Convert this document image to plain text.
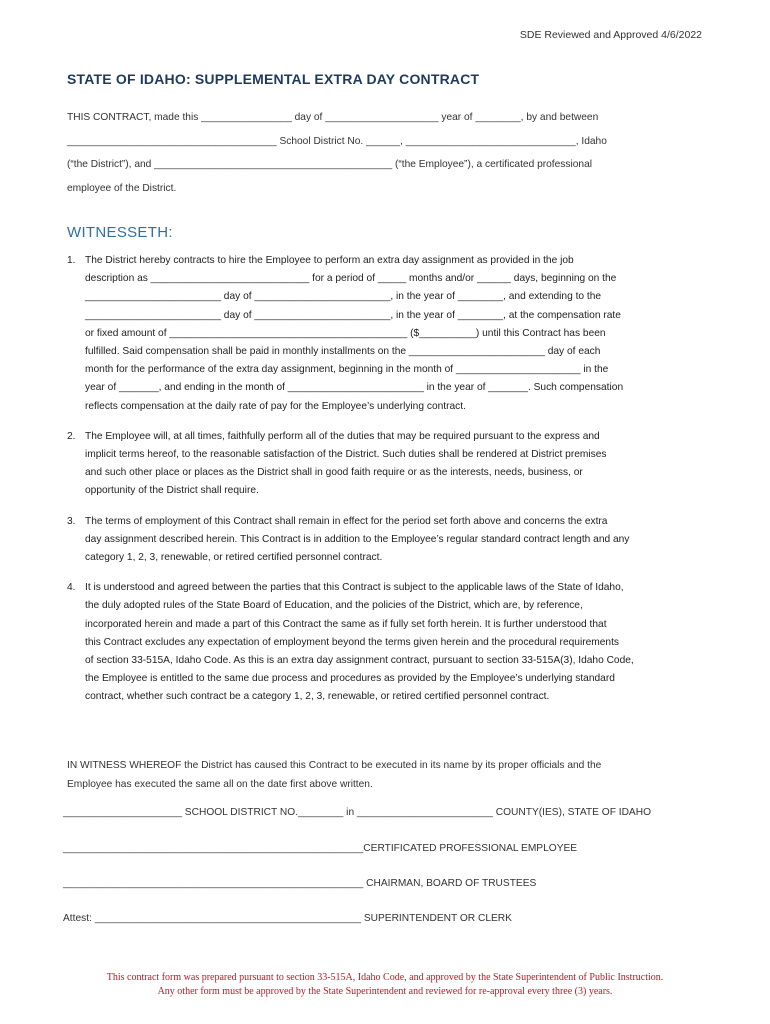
SDE Reviewed and Approved 4/6/2022
STATE OF IDAHO: SUPPLEMENTAL EXTRA DAY CONTRACT

THIS CONTRACT, made this ________________ day of ____________________ year of ________, by and between

_____________________________________ School District No. ______, ______________________________, Idaho

(“the District”), and __________________________________________ (“the Employee”), a certificated professional

employee of the District.

WITNESSETH:
1. The District hereby contracts to hire the Employee to perform an extra day assignment as provided in the job

description as ____________________________ for a period of _____ months and/or ______ days, beginning on the

________________________ day of ________________________, in the year of ________, and extending to the

________________________ day of ________________________, in the year of ________, at the compensation rate

or fixed amount of __________________________________________ ($__________) until this Contract has been

fulfilled. Said compensation shall be paid in monthly installments on the ________________________ day of each

month for the performance of the extra day assignment, beginning in the month of ______________________ in the

year of _______, and ending in the month of ________________________ in the year of _______. Such compensation

reflects compensation at the daily rate of pay for the Employee’s underlying contract.

2. The Employee will, at all times, faithfully perform all of the duties that may be required pursuant to the express and

implicit terms hereof, to the reasonable satisfaction of the District. Such duties shall be rendered at District premises

and such other place or places as the District shall in good faith require or as the interests, needs, business, or

opportunity of the District shall require.

3. The terms of employment of this Contract shall remain in effect for the period set forth above and concerns the extra

day assignment described herein. This Contract is in addition to the Employee’s regular standard contract length and any

category 1, 2, 3, renewable, or retired certified personnel contract.

4. It is understood and agreed between the parties that this Contract is subject to the applicable laws of the State of Idaho,

the duly adopted rules of the State Board of Education, and the policies of the District, which are, by reference,

incorporated herein and made a part of this Contract the same as if fully set forth herein. It is further understood that

this Contract excludes any expectation of employment beyond the terms given herein and the procedural requirements

of section 33-515A, Idaho Code. As this is an extra day assignment contract, pursuant to section 33-515A(3), Idaho Code,

the Employee is entitled to the same due process and procedures as provided by the Employee’s underlying standard

contract, whether such contract be a category 1, 2, 3, renewable, or retired certified personnel contract.

IN WITNESS WHEREOF the District has caused this Contract to be executed in its name by its proper officials and the

Employee has executed the same all on the date first above written.

_____________________ SCHOOL DISTRICT NO.________ in ________________________ COUNTY(IES), STATE OF IDAHO
_____________________________________________________CERTIFICATED PROFESSIONAL EMPLOYEE
_____________________________________________________ CHAIRMAN, BOARD OF TRUSTEES
Attest: _______________________________________________ SUPERINTENDENT OR CLERK

This contract form was prepared pursuant to section 33-515A, Idaho Code, and approved by the State Superintendent of Public Instruction.

Any other form must be approved by the State Superintendent and reviewed for re-approval every three (3) years.
